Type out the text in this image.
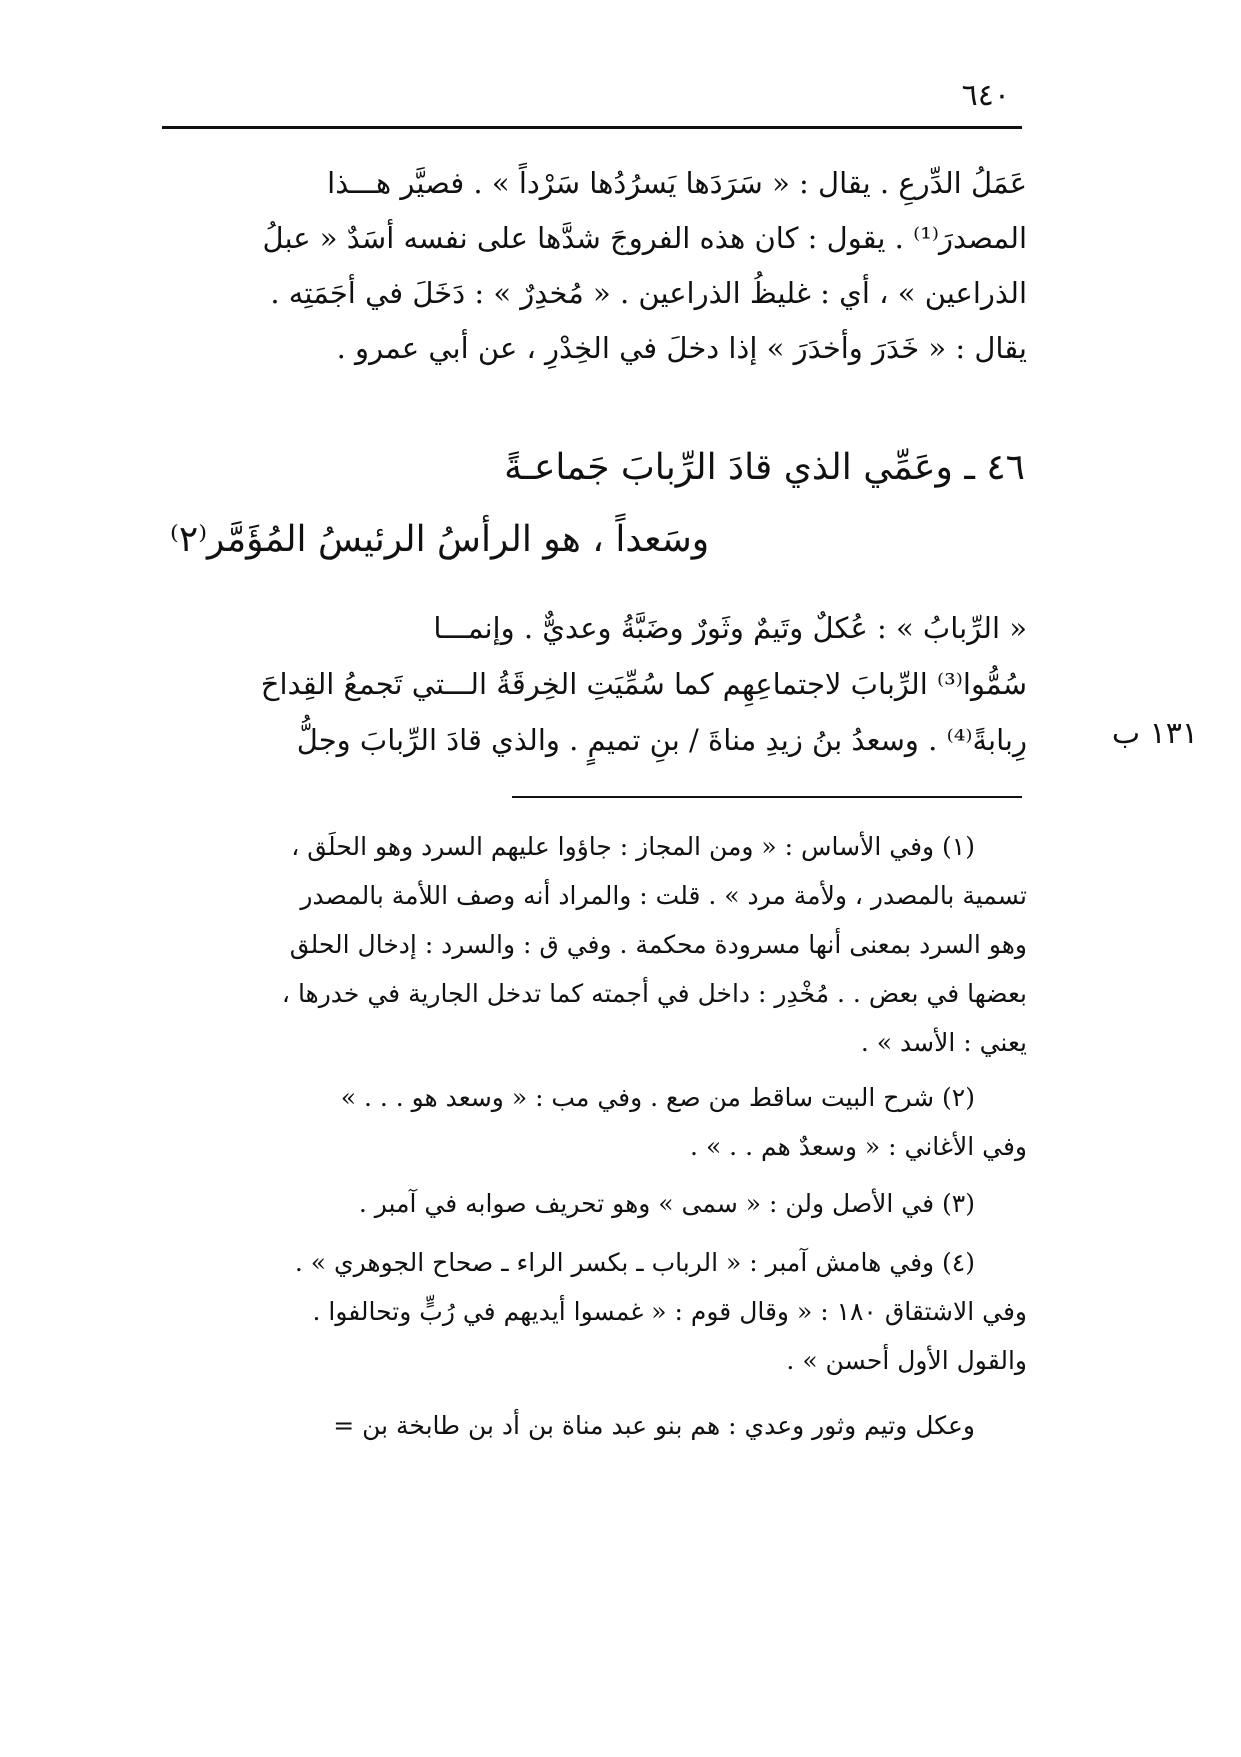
٦٤٠
عَمَلُ الدِّرعِ . يقال : « سَرَدَها يَسرُدُها سَرْداً » . فصيَّر هـــذا
المصدرَ⁽¹⁾ . يقول : كان هذه الفروجَ شدَّها على نفسه أسَدٌ « عبلُ
الذراعين » ، أي : غليظُ الذراعين . « مُخدِرٌ » : دَخَلَ في أجَمَتِه .
يقال : « خَدَرَ وأخدَرَ » إذا دخلَ في الخِدْرِ ، عن أبي عمرو .
٤٦ ـ وعَمِّي الذي قادَ الرِّبابَ جَماعـةً
وسَعداً ، هو الرأسُ الرئيسُ المُؤَمَّر⁽٢⁾
« الرِّبابُ » : عُكلٌ وتَيمٌ وثَورٌ وضَبَّةُ وعديٌّ . وإنمـــا
سُمُّوا⁽³⁾ الرِّبابَ لاجتماعِهِم كما سُمِّيَتِ الخِرقَةُ الـــتي تَجمعُ القِداحَ
رِبابةً⁽⁴⁾ . وسعدُ بنُ زيدِ مناةَ / بنِ تميمٍ . والذي قادَ الرِّبابَ وجلُّ	١٣١ ب
(١) وفي الأساس : « ومن المجاز : جاؤوا عليهم السرد وهو الحلَق ،
تسمية بالمصدر ، ولأمة مرد » . قلت : والمراد أنه وصف اللأمة بالمصدر
وهو السرد بمعنى أنها مسرودة محكمة . وفي ق : والسرد : إدخال الحلق
بعضها في بعض . . مُخْدِر : داخل في أجمته كما تدخل الجارية في خدرها ،
يعني : الأسد » .
(٢) شرح البيت ساقط من صع . وفي مب : « وسعد هو . . . »
وفي الأغاني : « وسعدٌ هم . . » .
(٣) في الأصل ولن : « سمى » وهو تحريف صوابه في آمبر .
(٤) وفي هامش آمبر : « الرباب ـ بكسر الراء ـ صحاح الجوهري » .
وفي الاشتقاق ١٨٠ : « وقال قوم : « غمسوا أيديهم في رُبٍّ وتحالفوا .
والقول الأول أحسن » .
وعكل وتيم وثور وعدي : هم بنو عبد مناة بن أد بن طابخة بن =
